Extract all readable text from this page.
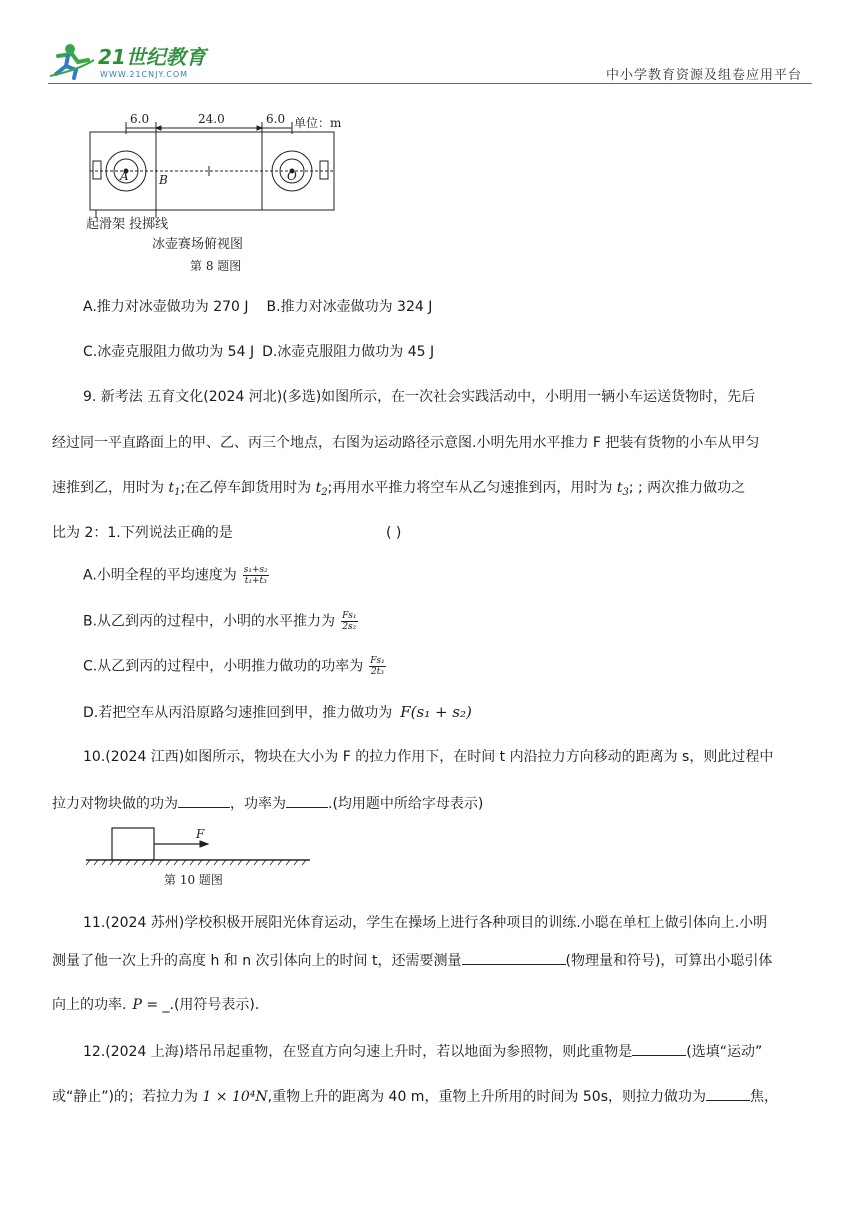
21世纪教育
WWW.21CNJY.COM	中小学教育资源及组卷应用平台
6.0	24.0	6.0 单位：m
A	B	O
起滑架 投掷线
冰壶赛场俯视图
第 8 题图
A.推力对冰壶做功为 270 J B.推力对冰壶做功为 324 J
C.冰壶克服阻力做功为 54 J D.冰壶克服阻力做功为 45 J
9. 新考法 五育文化(2024 河北)(多选)如图所示，在一次社会实践活动中，小明用一辆小车运送货物时，先后
经过同一平直路面上的甲、乙、丙三个地点，右图为运动路径示意图.小明先用水平推力 F 把装有货物的小车从甲匀
速推到乙，用时为 $t_1$;在乙停车卸货用时为 $t_2$;再用水平推力将空车从乙匀速推到丙，用时为 $t_3$; ; 两次推力做功之
比为 2：1.下列说法正确的是	( )
A.小明全程的平均速度为 $\frac{\text{s₁+s₂}}{\text{t₁+t₃}}$
B.从乙到丙的过程中，小明的水平推力为 $\frac{\text{Fs₁}}{\text{2s₂}}$
C.从乙到丙的过程中，小明推力做功的功率为 $\frac{\text{Fs₁}}{\text{2t₃}}$
D.若把空车从丙沿原路匀速推回到甲，推力做功为 F(s₁ + s₂)
10.(2024 江西)如图所示，物块在大小为 F 的拉力作用下，在时间 t 内沿拉力方向移动的距离为 s，则此过程中
拉力对物块做的功为	，功率为	.(均用题中所给字母表示)
F
第 10 题图
11.(2024 苏州)学校积极开展阳光体育运动，学生在操场上进行各种项目的训练.小聪在单杠上做引体向上.小明
测量了他一次上升的高度 h 和 n 次引体向上的时间 t，还需要测量	(物理量和符号)，可算出小聪引体
向上的功率. P = _.(用符号表示).
12.(2024 上海)塔吊吊起重物，在竖直方向匀速上升时，若以地面为参照物，则此重物是	(选填“运动”
或“静止”)的；若拉力为 1 × 10⁴N,重物上升的距离为 40 m，重物上升所用的时间为 50s，则拉力做功为	焦，
